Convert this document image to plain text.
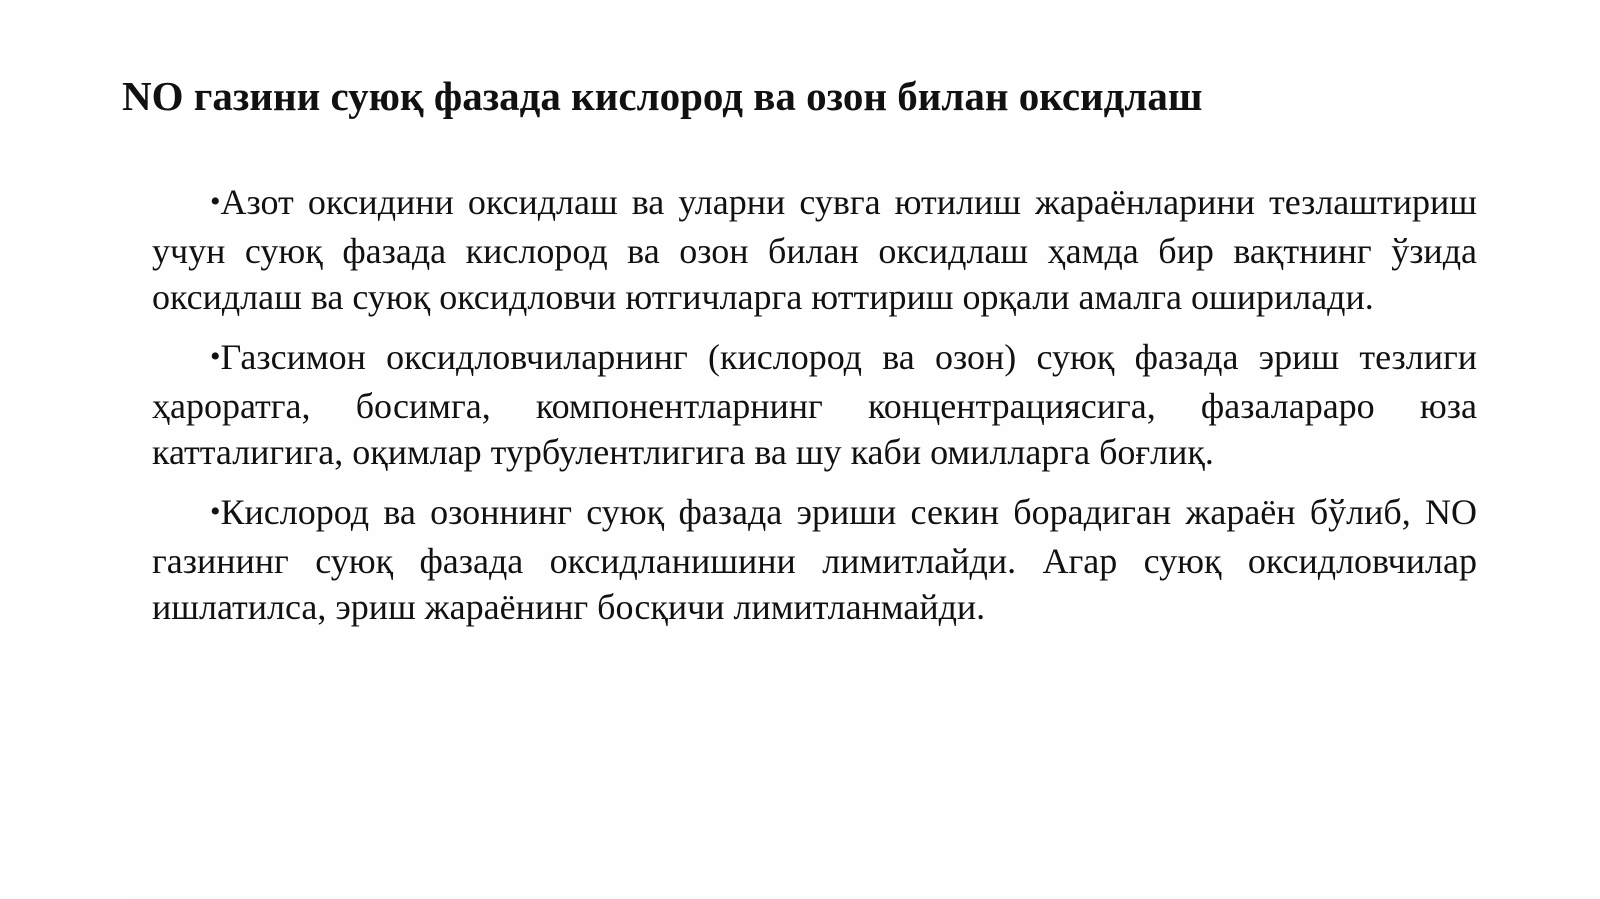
NO газини суюқ фазада кислород ва озон билан оксидлаш

•Азот оксидини оксидлаш ва уларни сувга ютилиш жараёнларини тезлаштириш учун суюқ фазада кислород ва озон билан оксидлаш ҳамда бир вақтнинг ўзида оксидлаш ва суюқ оксидловчи ютгичларга юттириш орқали амалга оширилади.

•Газсимон оксидловчиларнинг (кислород ва озон) суюқ фазада эриш тезлиги ҳароратга, босимга, компонентларнинг концентрациясига, фазалараро юза катталигига, оқимлар турбулентлигига ва шу каби омилларга боғлиқ.

•Кислород ва озоннинг суюқ фазада эриши секин борадиган жараён бўлиб, NO газининг суюқ фазада оксидланишини лимитлайди. Агар суюқ оксидловчилар ишлатилса, эриш жараёнинг босқичи лимитланмайди.
